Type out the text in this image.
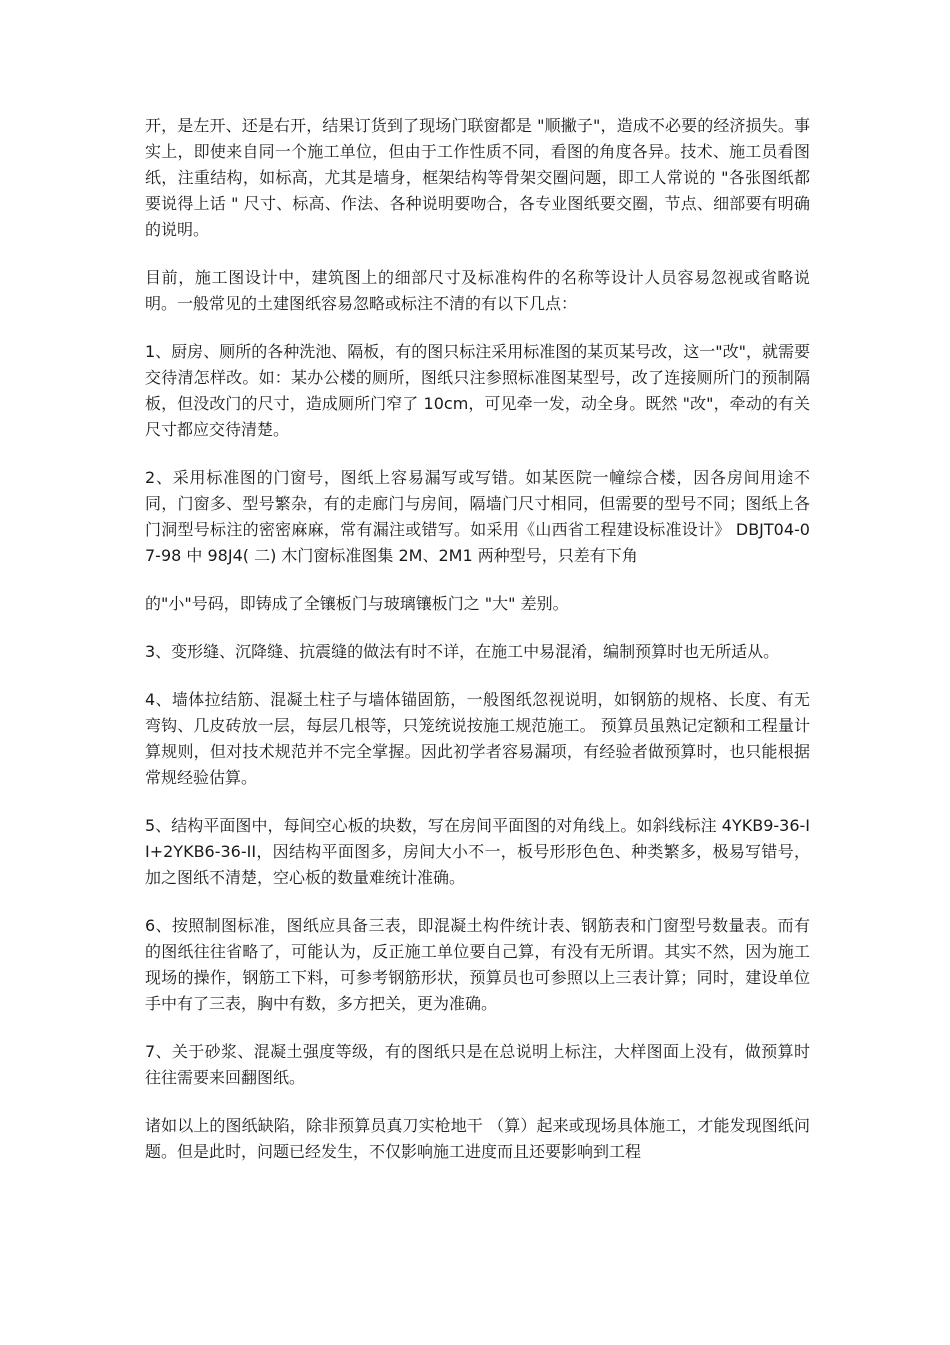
开，是左开、还是右开，结果订货到了现场门联窗都是 "顺撇子"，造成不必要的经济损失。事实上，即使来自同一个施工单位，但由于工作性质不同，看图的角度各异。技术、施工员看图纸，注重结构，如标高，尤其是墙身，框架结构等骨架交圈问题，即工人常说的 "各张图纸都要说得上话 " 尺寸、标高、作法、各种说明要吻合，各专业图纸要交圈，节点、细部要有明确的说明。

目前，施工图设计中，建筑图上的细部尺寸及标准构件的名称等设计人员容易忽视或省略说明。一般常见的土建图纸容易忽略或标注不清的有以下几点：

1、厨房、厕所的各种洗池、隔板，有的图只标注采用标准图的某页某号改，这一"改"，就需要交待清怎样改。如：某办公楼的厕所，图纸只注参照标准图某型号，改了连接厕所门的预制隔板，但没改门的尺寸，造成厕所门窄了 10cm，可见牵一发，动全身。既然 "改"，牵动的有关尺寸都应交待清楚。

2、采用标准图的门窗号，图纸上容易漏写或写错。如某医院一幢综合楼，因各房间用途不同，门窗多、型号繁杂，有的走廊门与房间，隔墙门尺寸相同，但需要的型号不同；图纸上各门洞型号标注的密密麻麻，常有漏注或错写。如采用《山西省工程建设标准设计》 DBJT04-07-98 中 98J4( 二) 木门窗标准图集 2M、2M1 两种型号，只差有下角

的"小"号码，即铸成了全镶板门与玻璃镶板门之 "大" 差别。

3、变形缝、沉降缝、抗震缝的做法有时不详，在施工中易混淆，编制预算时也无所适从。

4、墙体拉结筋、混凝土柱子与墙体锚固筋，一般图纸忽视说明，如钢筋的规格、长度、有无弯钩、几皮砖放一层，每层几根等，只笼统说按施工规范施工。 预算员虽熟记定额和工程量计算规则，但对技术规范并不完全掌握。因此初学者容易漏项，有经验者做预算时，也只能根据常规经验估算。

5、结构平面图中，每间空心板的块数，写在房间平面图的对角线上。如斜线标注 4YKB9-36-II+2YKB6-36-II，因结构平面图多，房间大小不一，板号形形色色、种类繁多，极易写错号，加之图纸不清楚，空心板的数量难统计准确。

6、按照制图标准，图纸应具备三表，即混凝土构件统计表、钢筋表和门窗型号数量表。而有的图纸往往省略了，可能认为，反正施工单位要自己算，有没有无所谓。其实不然，因为施工现场的操作，钢筋工下料，可参考钢筋形状，预算员也可参照以上三表计算；同时，建设单位手中有了三表，胸中有数，多方把关，更为准确。

7、关于砂浆、混凝土强度等级，有的图纸只是在总说明上标注，大样图面上没有，做预算时往往需要来回翻图纸。

诸如以上的图纸缺陷，除非预算员真刀实枪地干 （算）起来或现场具体施工，才能发现图纸问题。但是此时，问题已经发生，不仅影响施工进度而且还要影响到工程
